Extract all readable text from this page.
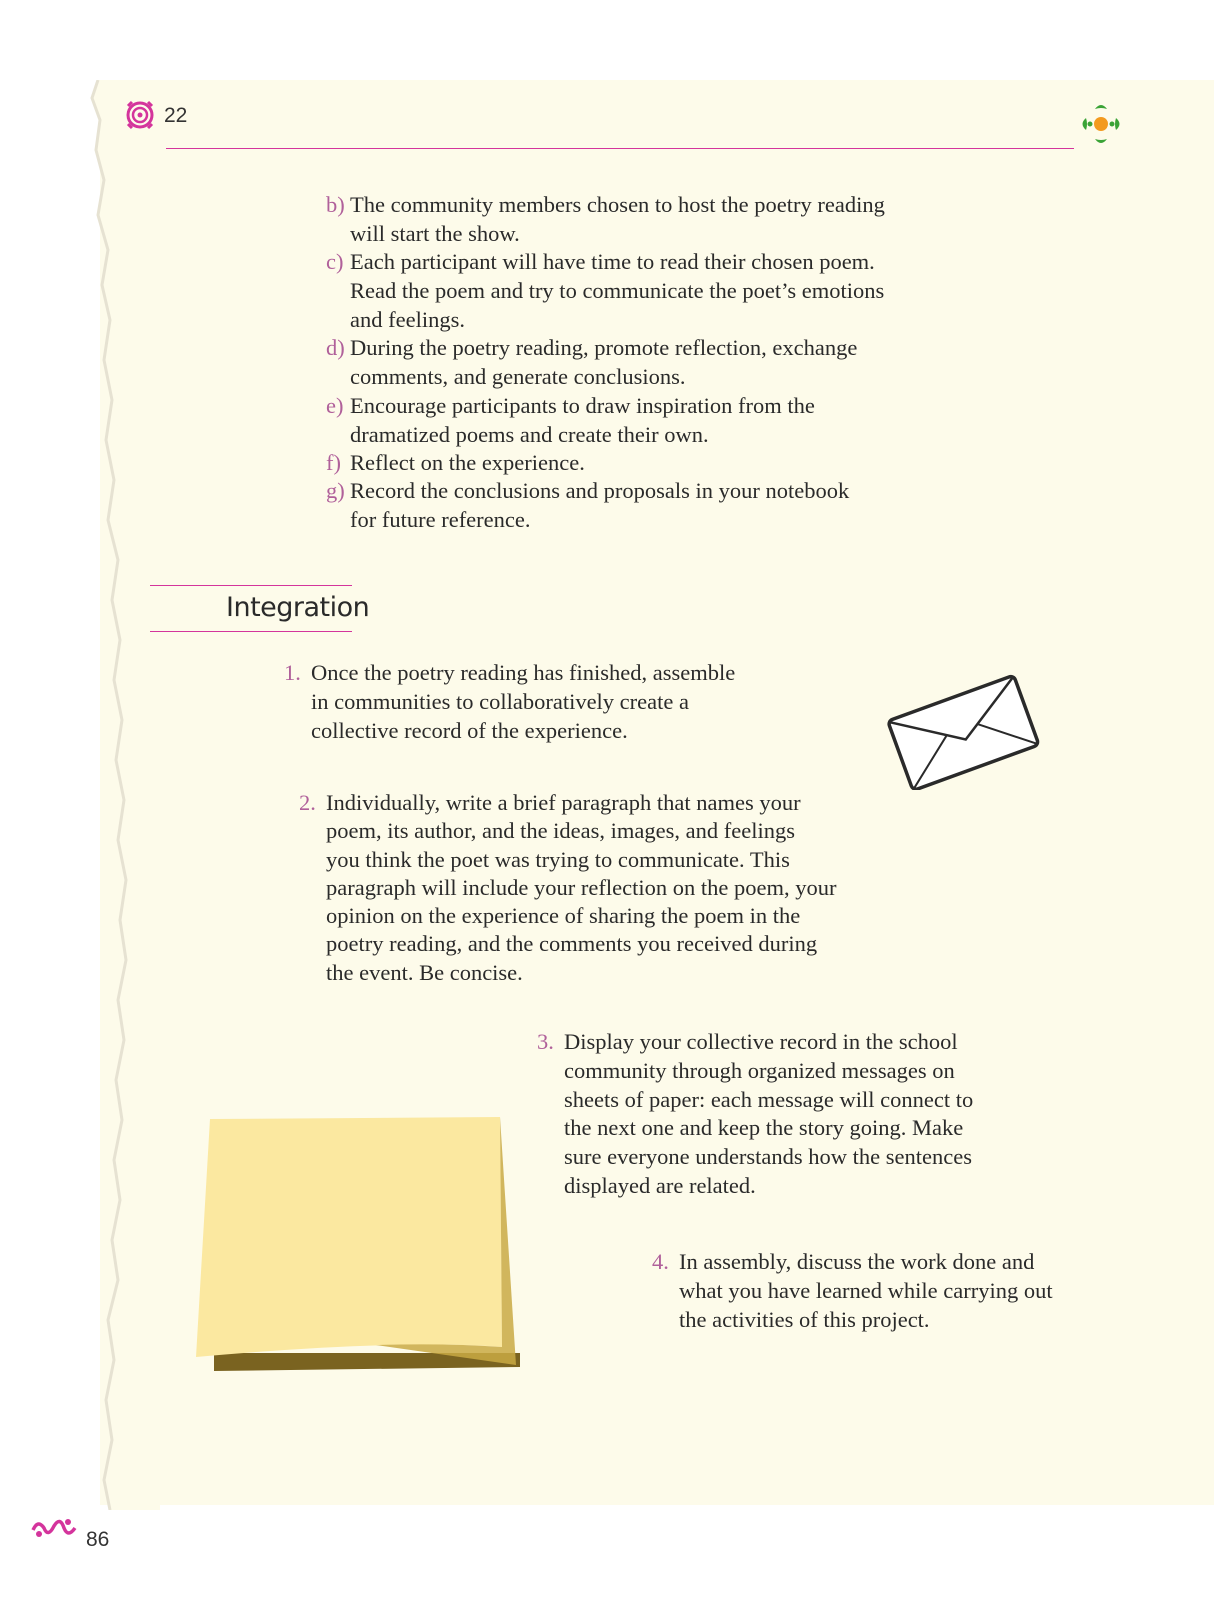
22
b) The community members chosen to host the poetry reading
will start the show.
c) Each participant will have time to read their chosen poem.
Read the poem and try to communicate the poet’s emotions
and feelings.
d) During the poetry reading, promote reflection, exchange
comments, and generate conclusions.
e) Encourage participants to draw inspiration from the
dramatized poems and create their own.
f) Reflect on the experience.
g) Record the conclusions and proposals in your notebook
for future reference.
Integration
1. Once the poetry reading has finished, assemble
in communities to collaboratively create a
collective record of the experience.
2. Individually, write a brief paragraph that names your
poem, its author, and the ideas, images, and feelings
you think the poet was trying to communicate. This
paragraph will include your reflection on the poem, your
opinion on the experience of sharing the poem in the
poetry reading, and the comments you received during
the event. Be concise.
3. Display your collective record in the school
community through organized messages on
sheets of paper: each message will connect to
the next one and keep the story going. Make
sure everyone understands how the sentences
displayed are related.
4. In assembly, discuss the work done and
what you have learned while carrying out
the activities of this project.
86
